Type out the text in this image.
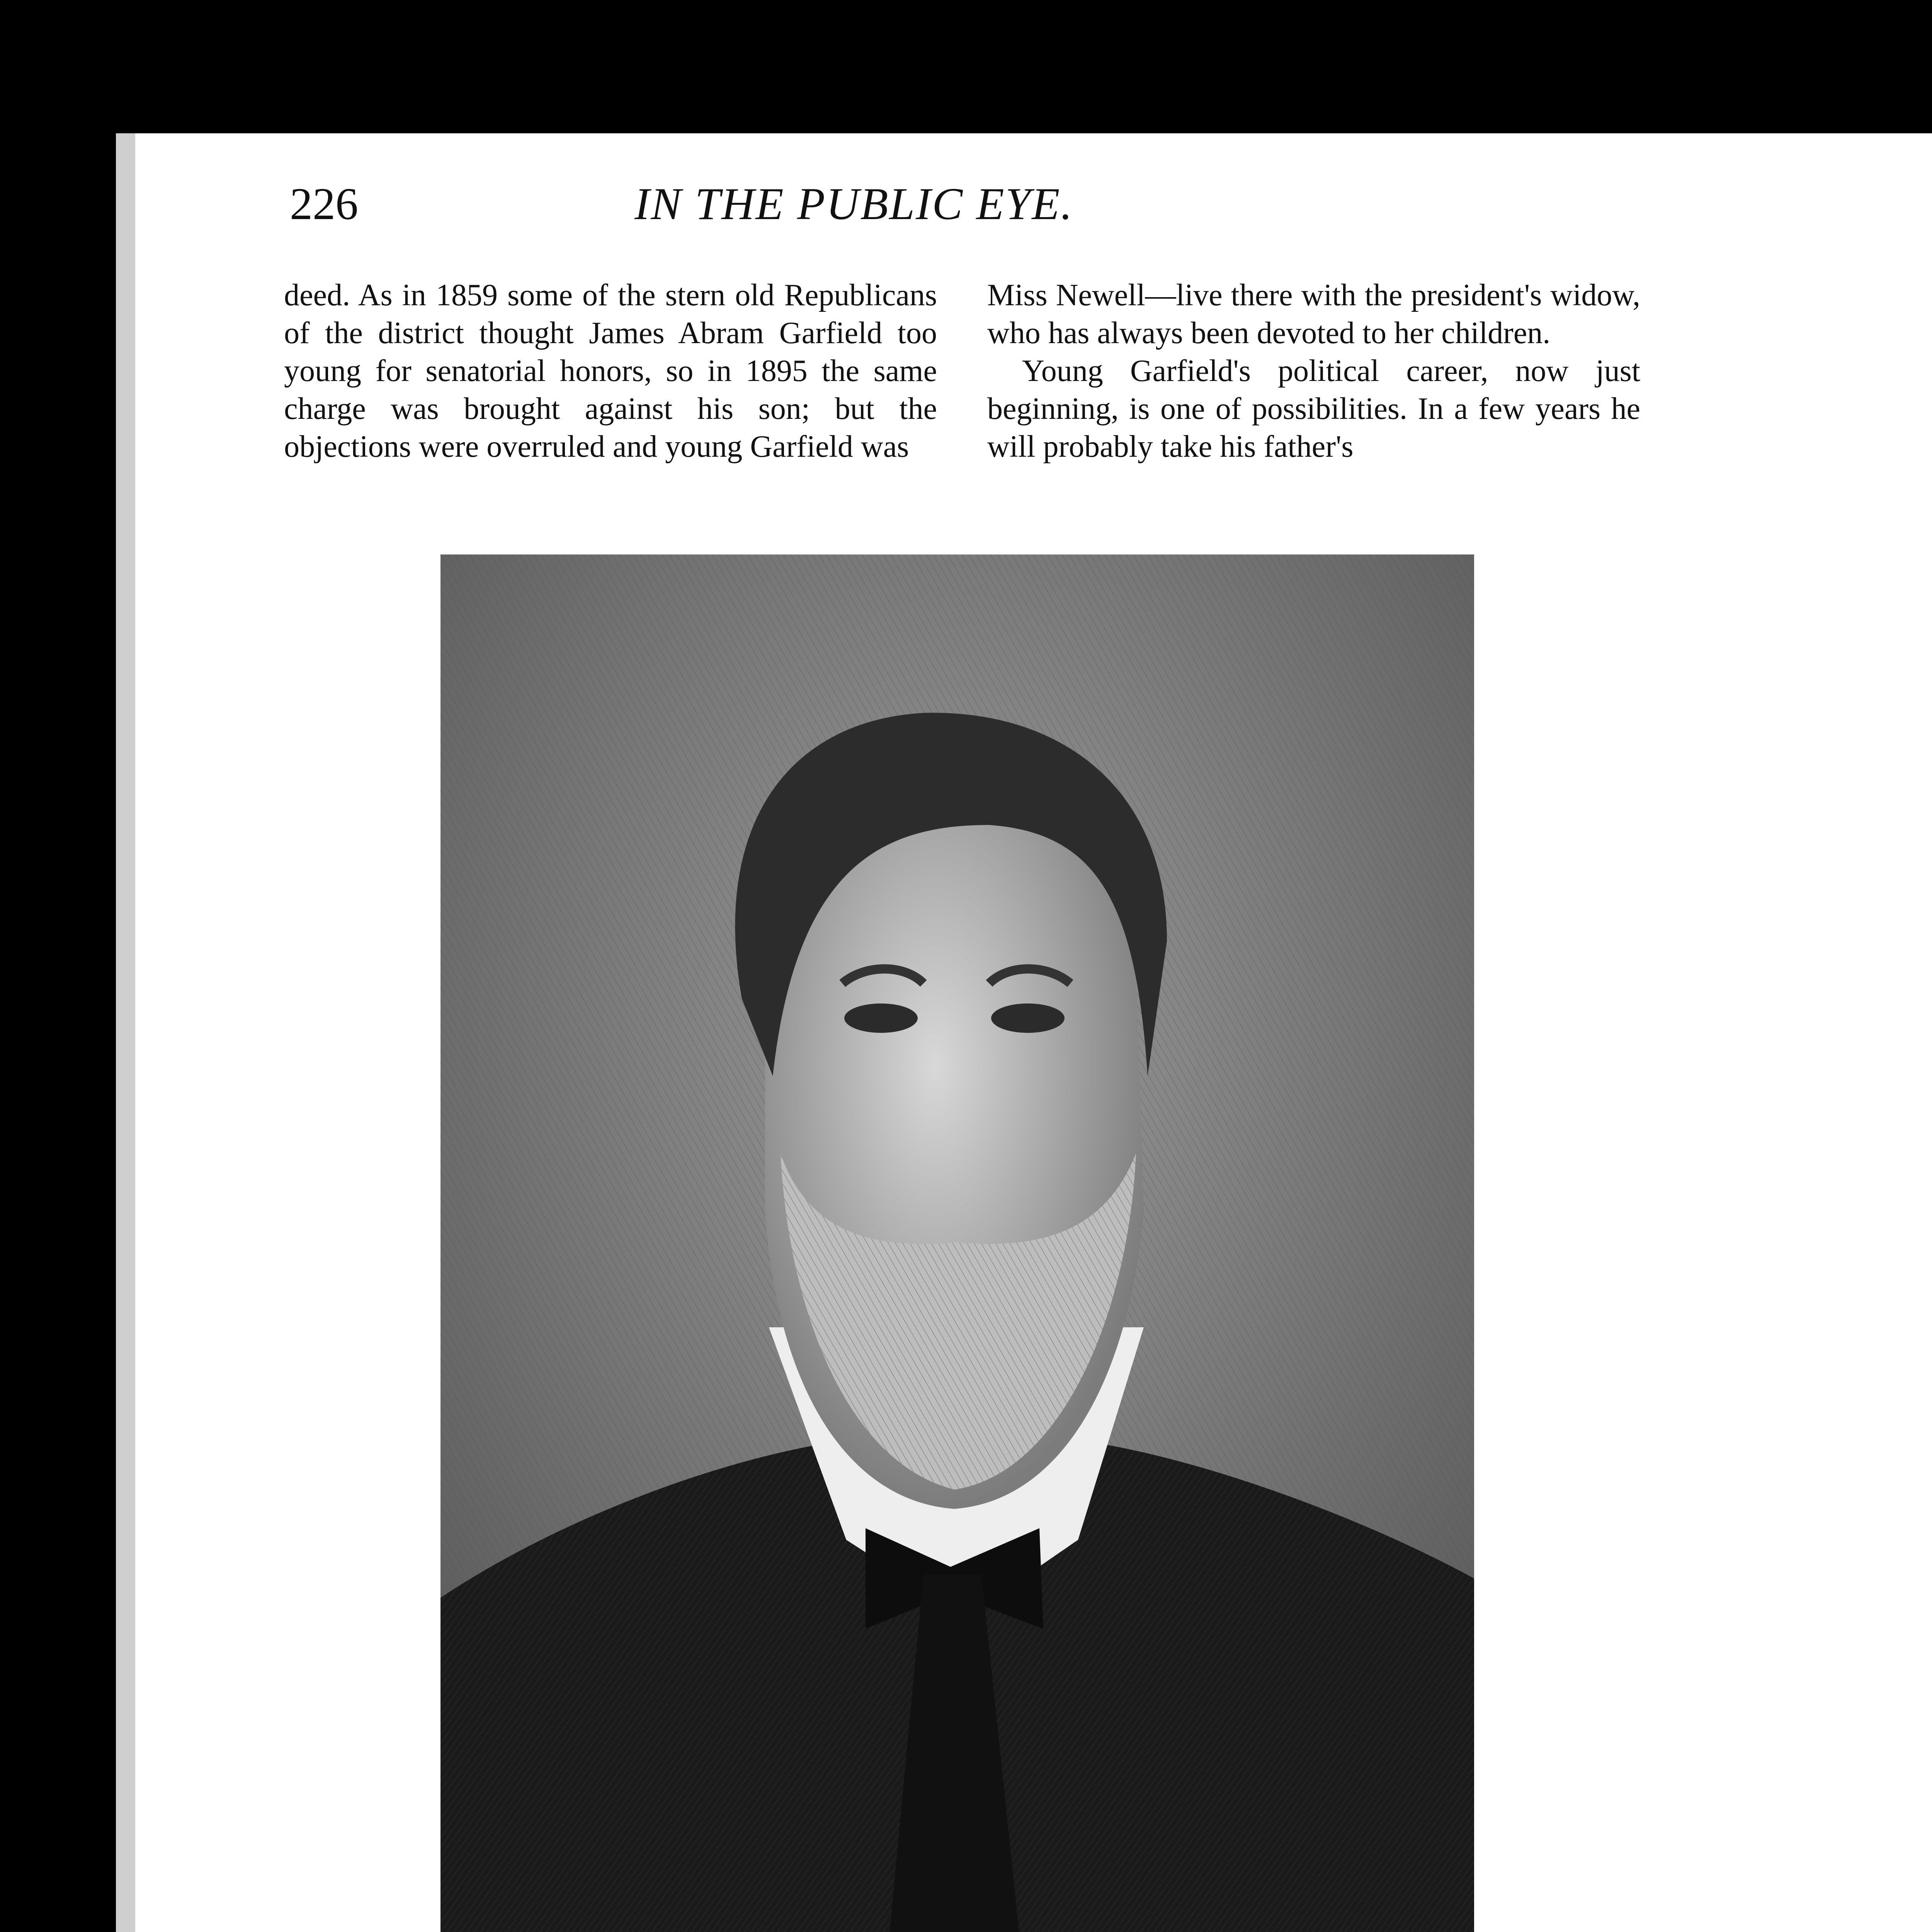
226	IN THE PUBLIC EYE.

deed. As in 1859 some of the stern old Republicans of the district thought James Abram Garfield too young for senatorial honors, so in 1895 the same charge was brought against his son; but the objections were overruled and young Garfield was

Miss Newell—live there with the president's widow, who has always been devoted to her children.

Young Garfield's political career, now just beginning, is one of possibilities. In a few years he will probably take his father's
